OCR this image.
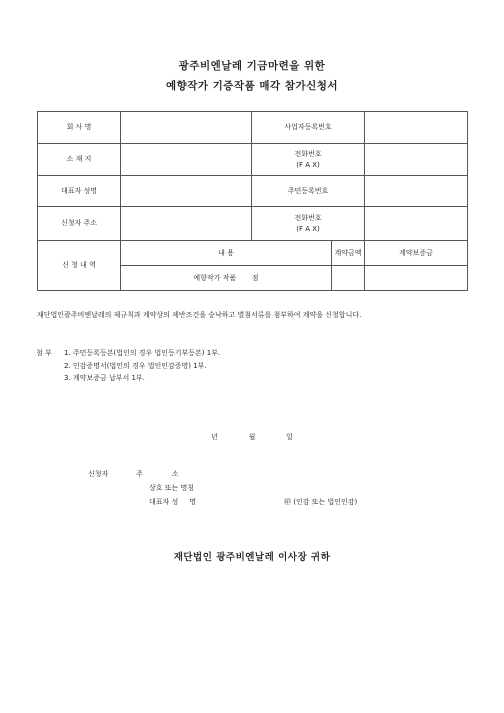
광주비엔날레 기금마련을 위한
예향작가 기증작품 매각 참가신청서
회 사 명		사업자등록번호		
소 재 지		전화번호
(F A X)		

대표자 성명		주민등록번호		
신청자 주소		전화번호
(F A X)		

신 청 내 역	내 용		계약금액	계약보증금
	예향작가 작품       점			
재단법인광주비엔날레의 제규칙과 계약상의 제반조건을 승낙하고 별첨서류를 첨부하여 계약을 신청합니다.
첨 부	1. 주민등록등본(법인의 경우 법인등기부등본) 1부.
2. 인감증명서(법인의 경우 법인인감증명) 1부.
3. 계약보증금 납부서 1부.
년   월   일
신청자	주             소
상호 또는 명칭
대표자 성     명	㊞ (인감 또는 법인인감)
재단법인 광주비엔날레 이사장 귀하
